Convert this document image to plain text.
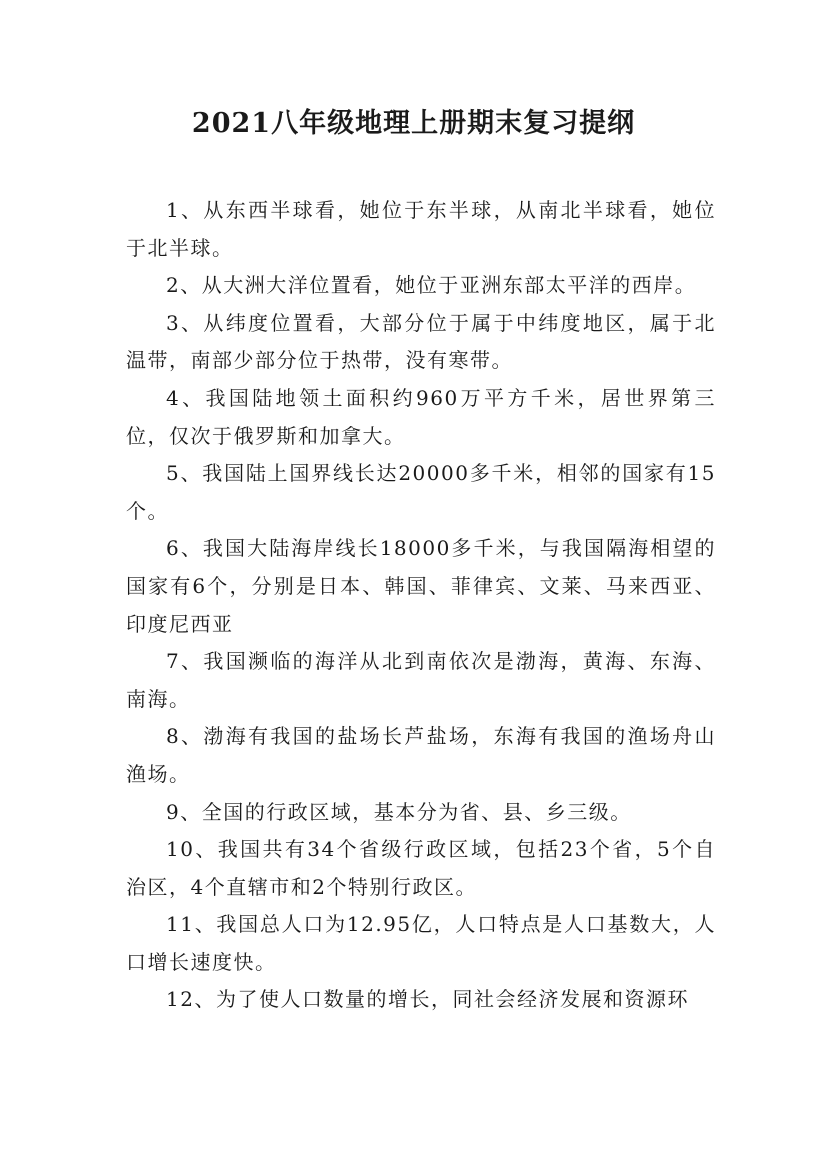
2021八年级地理上册期末复习提纲

1、从东西半球看，她位于东半球，从南北半球看，她位于北半球。

2、从大洲大洋位置看，她位于亚洲东部太平洋的西岸。

3、从纬度位置看，大部分位于属于中纬度地区，属于北温带，南部少部分位于热带，没有寒带。

4、我国陆地领土面积约960万平方千米，居世界第三位，仅次于俄罗斯和加拿大。

5、我国陆上国界线长达20000多千米，相邻的国家有15个。

6、我国大陆海岸线长18000多千米，与我国隔海相望的国家有6个，分别是日本、韩国、菲律宾、文莱、马来西亚、印度尼西亚

7、我国濒临的海洋从北到南依次是渤海，黄海、东海、南海。

8、渤海有我国的盐场长芦盐场，东海有我国的渔场舟山渔场。

9、全国的行政区域，基本分为省、县、乡三级。

10、我国共有34个省级行政区域，包括23个省，5个自治区，4个直辖市和2个特别行政区。

11、我国总人口为12.95亿，人口特点是人口基数大，人口增长速度快。

12、为了使人口数量的增长，同社会经济发展和资源环
